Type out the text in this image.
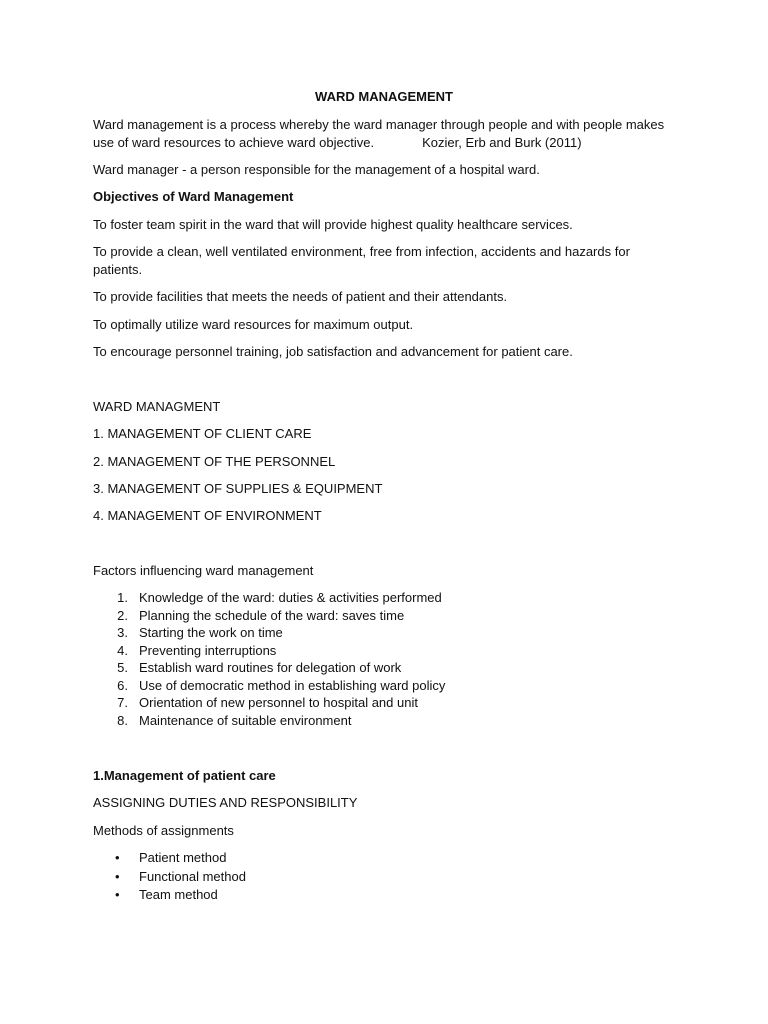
WARD MANAGEMENT
Ward management is a process whereby the ward manager through people and with people makes
use of ward resources to achieve ward objective.	Kozier, Erb and Burk (2011)
Ward manager - a person responsible for the management of a hospital ward.
Objectives of Ward Management
To foster team spirit in the ward that will provide highest quality healthcare services.
To provide a clean, well ventilated environment, free from infection, accidents and hazards for
patients.
To provide facilities that meets the needs of patient and their attendants.
To optimally utilize ward resources for maximum output.
To encourage personnel training, job satisfaction and advancement for patient care.
WARD MANAGMENT
1. MANAGEMENT OF CLIENT CARE
2. MANAGEMENT OF THE PERSONNEL
3. MANAGEMENT OF SUPPLIES & EQUIPMENT
4. MANAGEMENT OF ENVIRONMENT
Factors influencing ward management
1. Knowledge of the ward: duties & activities performed
2. Planning the schedule of the ward: saves time
3. Starting the work on time
4. Preventing interruptions
5. Establish ward routines for delegation of work
6. Use of democratic method in establishing ward policy
7. Orientation of new personnel to hospital and unit
8. Maintenance of suitable environment
1.Management of patient care
ASSIGNING DUTIES AND RESPONSIBILITY
Methods of assignments
• Patient method
• Functional method
• Team method
